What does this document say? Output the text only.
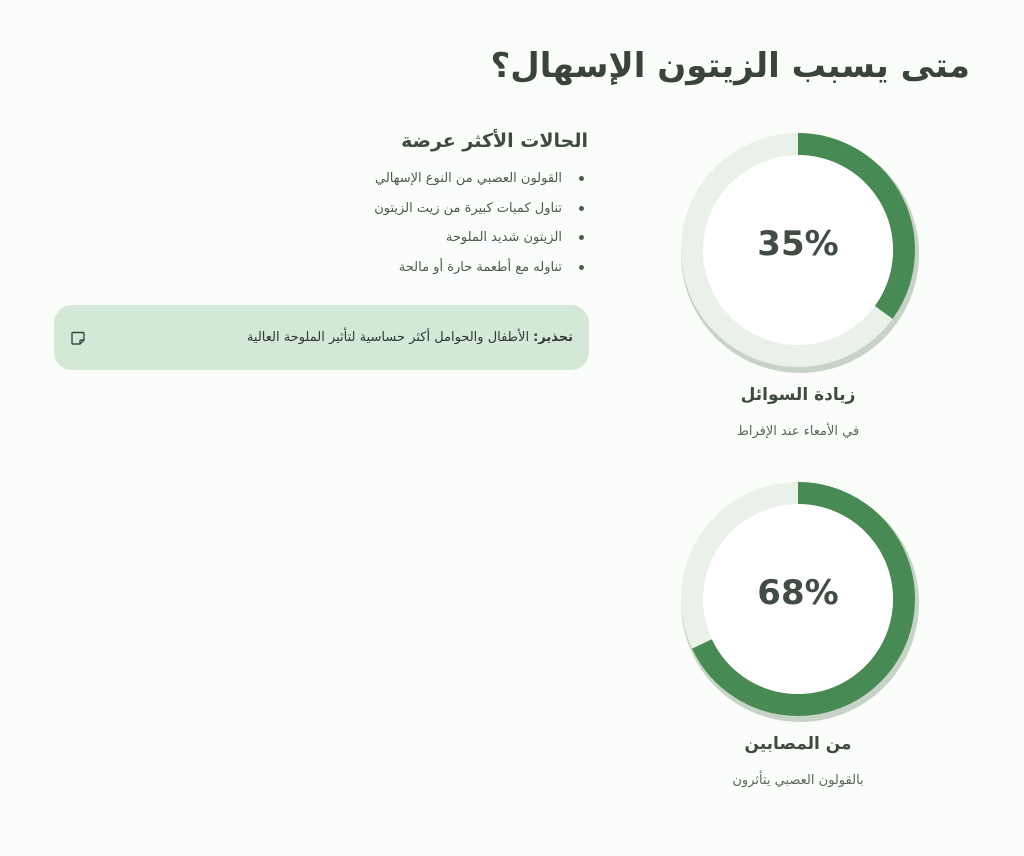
متى يسبب الزيتون الإسهال؟
35%
زيادة السوائل
في الأمعاء عند الإفراط
68%
من المصابين
بالقولون العصبي يتأثرون
الحالات الأكثر عرضة
القولون العصبي من النوع الإسهالي
تناول كميات كبيرة من زيت الزيتون
الزيتون شديد الملوحة
تناوله مع أطعمة حارة أو مالحة
تحذير:الأطفال والحوامل أكثر حساسية لتأثير الملوحة العالية
